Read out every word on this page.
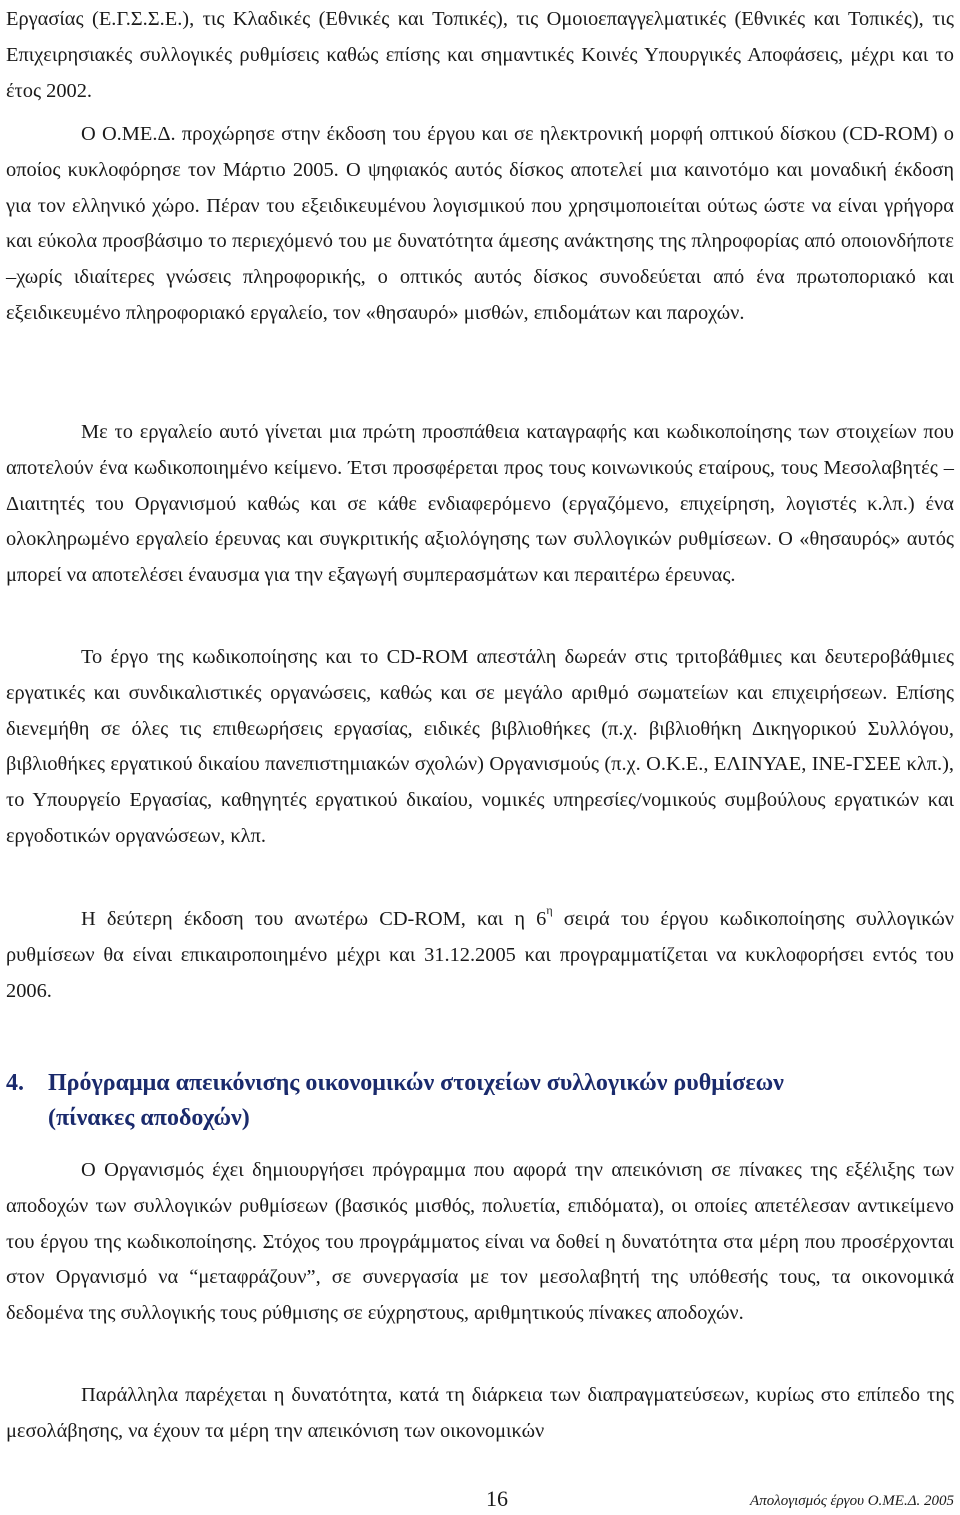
Εργασίας (Ε.Γ.Σ.Σ.Ε.), τις Κλαδικές (Εθνικές και Τοπικές), τις Ομοιοεπαγγελματικές (Εθνικές και Τοπικές), τις Επιχειρησιακές συλλογικές ρυθμίσεις καθώς επίσης και σημαντικές Κοινές Υπουργικές Αποφάσεις, μέχρι και το έτος 2002.

Ο Ο.ΜΕ.Δ. προχώρησε στην έκδοση του έργου και σε ηλεκτρονική μορφή οπτικού δίσκου (CD-ROM) ο οποίος κυκλοφόρησε τον Μάρτιο 2005. Ο ψηφιακός αυτός δίσκος αποτελεί μια καινοτόμο και μοναδική έκδοση για τον ελληνικό χώρο. Πέραν του εξειδικευμένου λογισμικού που χρησιμοποιείται ούτως ώστε να είναι γρήγορα και εύκολα προσβάσιμο το περιεχόμενό του με δυνατότητα άμεσης ανάκτησης της πληροφορίας από οποιονδήποτε –χωρίς ιδιαίτερες γνώσεις πληροφορικής, ο οπτικός αυτός δίσκος συνοδεύεται από ένα πρωτοποριακό και εξειδικευμένο πληροφοριακό εργαλείο, τον «θησαυρό» μισθών, επιδομάτων και παροχών.

Με το εργαλείο αυτό γίνεται μια πρώτη προσπάθεια καταγραφής και κωδικοποίησης των στοιχείων που αποτελούν ένα κωδικοποιημένο κείμενο. Έτσι προσφέρεται προς τους κοινωνικούς εταίρους, τους Μεσολαβητές – Διαιτητές του Οργανισμού καθώς και σε κάθε ενδιαφερόμενο (εργαζόμενο, επιχείρηση, λογιστές κ.λπ.) ένα ολοκληρωμένο εργαλείο έρευνας και συγκριτικής αξιολόγησης των συλλογικών ρυθμίσεων. Ο «θησαυρός» αυτός μπορεί να αποτελέσει έναυσμα για την εξαγωγή συμπερασμάτων και περαιτέρω έρευνας.

Το έργο της κωδικοποίησης και το CD-ROM απεστάλη δωρεάν στις τριτοβάθμιες και δευτεροβάθμιες εργατικές και συνδικαλιστικές οργανώσεις, καθώς και σε μεγάλο αριθμό σωματείων και επιχειρήσεων. Επίσης διενεμήθη σε όλες τις επιθεωρήσεις εργασίας, ειδικές βιβλιοθήκες (π.χ. βιβλιοθήκη Δικηγορικού Συλλόγου, βιβλιοθήκες εργατικού δικαίου πανεπιστημιακών σχολών) Οργανισμούς (π.χ. Ο.Κ.Ε., ΕΛΙΝΥΑΕ, ΙΝΕ-ΓΣΕΕ κλπ.), το Υπουργείο Εργασίας, καθηγητές εργατικού δικαίου, νομικές υπηρεσίες/νομικούς συμβούλους εργατικών και εργοδοτικών οργανώσεων, κλπ.

Η δεύτερη έκδοση του ανωτέρω CD-ROM, και η $6^\eta$ σειρά του έργου κωδικοποίησης συλλογικών ρυθμίσεων θα είναι επικαιροποιημένο μέχρι και 31.12.2005 και προγραμματίζεται να κυκλοφορήσει εντός του 2006.

4. Πρόγραμμα απεικόνισης οικονομικών στοιχείων συλλογικών ρυθμίσεων
(πίνακες αποδοχών)

Ο Οργανισμός έχει δημιουργήσει πρόγραμμα που αφορά την απεικόνιση σε πίνακες της εξέλιξης των αποδοχών των συλλογικών ρυθμίσεων (βασικός μισθός, πολυετία, επιδόματα), οι οποίες απετέλεσαν αντικείμενο του έργου της κωδικοποίησης. Στόχος του προγράμματος είναι να δοθεί η δυνατότητα στα μέρη που προσέρχονται στον Οργανισμό να “μεταφράζουν”, σε συνεργασία με τον μεσολαβητή της υπόθεσής τους, τα οικονομικά δεδομένα της συλλογικής τους ρύθμισης σε εύχρηστους, αριθμητικούς πίνακες αποδοχών.

Παράλληλα παρέχεται η δυνατότητα, κατά τη διάρκεια των διαπραγματεύσεων, κυρίως στο επίπεδο της μεσολάβησης, να έχουν τα μέρη την απεικόνιση των οικονομικών

16	Απολογισμός έργου Ο.ΜΕ.Δ. 2005
